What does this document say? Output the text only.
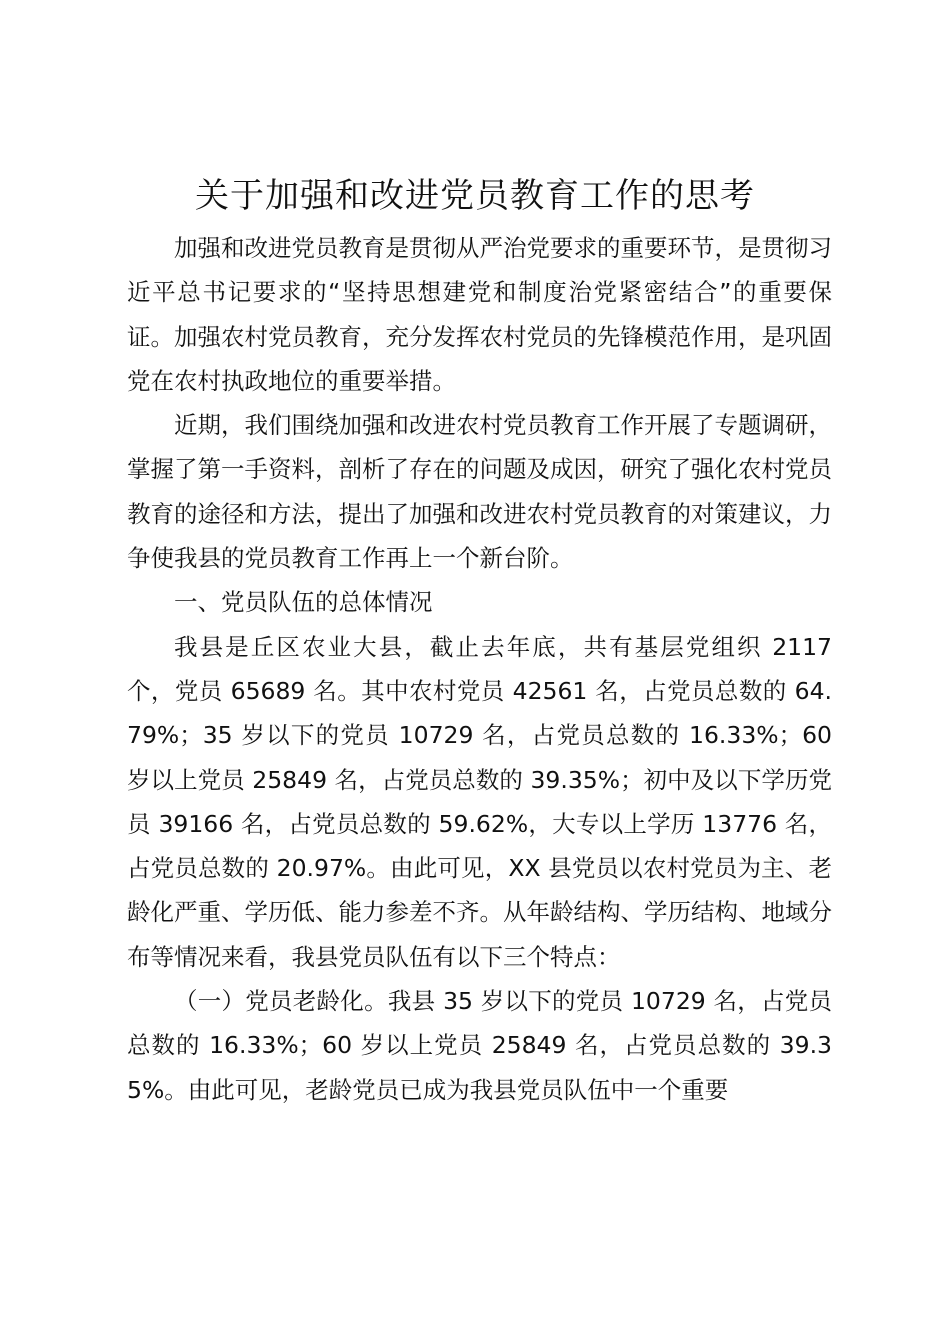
关于加强和改进党员教育工作的思考

加强和改进党员教育是贯彻从严治党要求的重要环节，是贯彻习近平总书记要求的“坚持思想建党和制度治党紧密结合”的重要保证。加强农村党员教育，充分发挥农村党员的先锋模范作用，是巩固党在农村执政地位的重要举措。

近期，我们围绕加强和改进农村党员教育工作开展了专题调研，掌握了第一手资料，剖析了存在的问题及成因，研究了强化农村党员教育的途径和方法，提出了加强和改进农村党员教育的对策建议，力争使我县的党员教育工作再上一个新台阶。

一、党员队伍的总体情况

我县是丘区农业大县，截止去年底，共有基层党组织 2117 个，党员 65689 名。其中农村党员 42561 名，占党员总数的 64.79%；35 岁以下的党员 10729 名，占党员总数的 16.33%；60 岁以上党员 25849 名，占党员总数的 39.35%；初中及以下学历党员 39166 名，占党员总数的 59.62%，大专以上学历 13776 名，占党员总数的 20.97%。由此可见，XX 县党员以农村党员为主、老龄化严重、学历低、能力参差不齐。从年龄结构、学历结构、地域分布等情况来看，我县党员队伍有以下三个特点：

（一）党员老龄化。我县 35 岁以下的党员 10729 名，占党员总数的 16.33%；60 岁以上党员 25849 名，占党员总数的 39.35%。由此可见，老龄党员已成为我县党员队伍中一个重要
